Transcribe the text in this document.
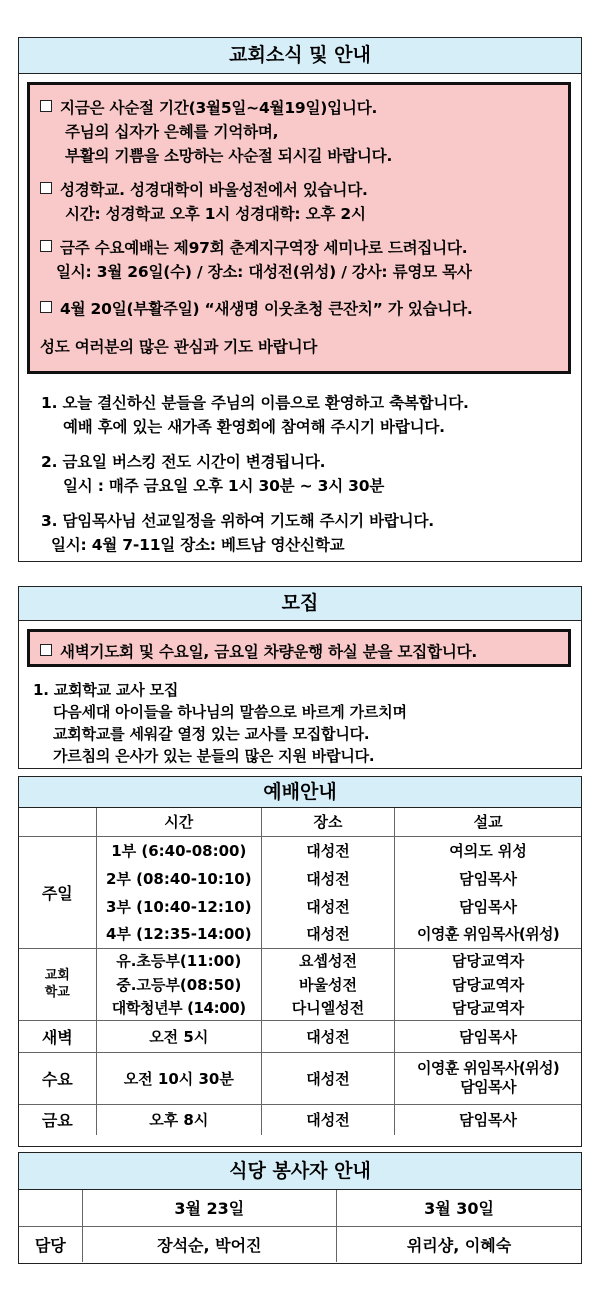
교회소식 및 안내
지금은 사순절 기간(3월5일~4월19일)입니다.
주님의 십자가 은혜를 기억하며,
부활의 기쁨을 소망하는 사순절 되시길 바랍니다.
성경학교. 성경대학이 바울성전에서 있습니다.
시간: 성경학교 오후 1시 성경대학: 오후 2시
금주 수요예배는 제97회 춘계지구역장 세미나로 드려집니다.
일시: 3월 26일(수) / 장소: 대성전(위성) / 강사: 류영모 목사
4월 20일(부활주일) “새생명 이웃초청 큰잔치” 가 있습니다.
성도 여러분의 많은 관심과 기도 바랍니다
1. 오늘 결신하신 분들을 주님의 이름으로 환영하고 축복합니다.
예배 후에 있는 새가족 환영회에 참여해 주시기 바랍니다.
2. 금요일 버스킹 전도 시간이 변경됩니다.
일시 : 매주 금요일 오후 1시 30분 ~ 3시 30분
3. 담임목사님 선교일정을 위하여 기도해 주시기 바랍니다.
일시: 4월 7-11일 장소: 베트남 영산신학교
모집
새벽기도회 및 수요일, 금요일 차량운행 하실 분을 모집합니다.
1. 교회학교 교사 모집
다음세대 아이들을 하나님의 말씀으로 바르게 가르치며
교회학교를 세워갈 열정 있는 교사를 모집합니다.
가르침의 은사가 있는 분들의 많은 지원 바랍니다.
예배안내
	시간	장소	설교
주일	1부 (6:40-08:00)	대성전	여의도 위성
	2부 (08:40-10:10)	대성전	담임목사
	3부 (10:40-12:10)	대성전	담임목사
	4부 (12:35-14:00)	대성전	이영훈 위임목사(위성)
교회
학교	유.초등부(11:00)	요셉성전	담당교역자
	중.고등부(08:50)	바울성전	담당교역자
	대학청년부 (14:00)	다니엘성전	담당교역자
새벽	오전 5시	대성전	담임목사
수요	오전 10시 30분	대성전	이영훈 위임목사(위성)
담임목사
금요	오후 8시	대성전	담임목사
식당 봉사자 안내
	3월 23일	3월 30일
담당	장석순, 박어진	위리샹, 이혜숙
